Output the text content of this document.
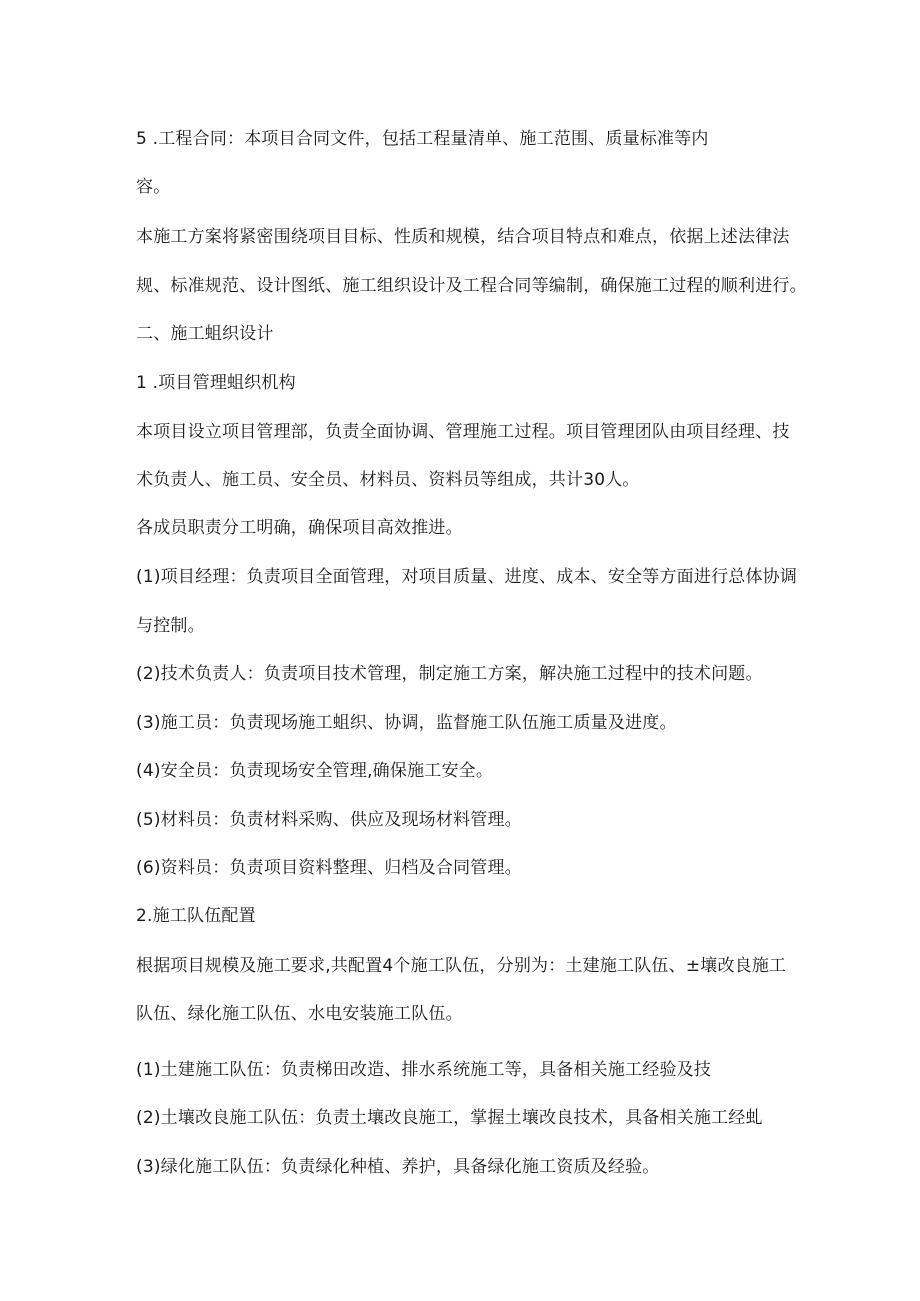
5 .工程合同：本项目合同文件，包括工程量清单、施工范围、质量标准等内
容。
本施工方案将紧密围绕项目目标、性质和规模，结合项目特点和难点，依据上述法律法
规、标准规范、设计图纸、施工组织设计及工程合同等编制，确保施工过程的顺利进行。
二、施工蛆织设计
1 .项目管理蛆织机构
本项目设立项目管理部，负责全面协调、管理施工过程。项目管理团队由项目经理、技
术负责人、施工员、安全员、材料员、资料员等组成，共计30人。
各成员职责分工明确，确保项目高效推进。
(1)项目经理：负责项目全面管理，对项目质量、进度、成本、安全等方面进行总体协调
与控制。
(2)技术负责人：负责项目技术管理，制定施工方案，解决施工过程中的技术问题。
(3)施工员：负责现场施工蛆织、协调，监督施工队伍施工质量及进度。
(4)安全员：负责现场安全管理,确保施工安全。
(5)材料员：负责材料采购、供应及现场材料管理。
(6)资料员：负责项目资料整理、归档及合同管理。
2.施工队伍配置
根据项目规模及施工要求,共配置4个施工队伍，分别为：土建施工队伍、±壤改良施工
队伍、绿化施工队伍、水电安装施工队伍。
(1)土建施工队伍：负责梯田改造、排水系统施工等，具备相关施工经验及技
(2)土壤改良施工队伍：负责土壤改良施工，掌握土壤改良技术，具备相关施工经虬
(3)绿化施工队伍：负责绿化种植、养护，具备绿化施工资质及经验。
